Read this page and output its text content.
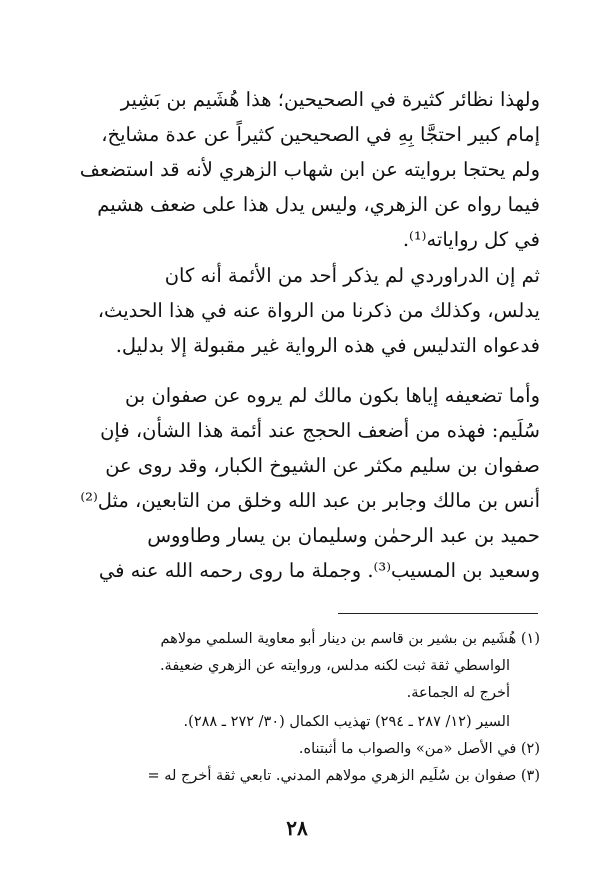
ولهذا نظائر كثيرة في الصحيحين؛ هذا هُشَيم بن بَشِير
إمام كبير احتجَّا بِهِ في الصحيحين كثيراً عن عدة مشايخ،
ولم يحتجا بروايته عن ابن شهاب الزهري لأنه قد استضعف
فيما رواه عن الزهري، وليس يدل هذا على ضعف هشيم
في كل رواياته⁽¹⁾.
ثم إن الدراوردي لم يذكر أحد من الأئمة أنه كان
يدلس، وكذلك من ذكرنا من الرواة عنه في هذا الحديث،
فدعواه التدليس في هذه الرواية غير مقبولة إلا بدليل.
وأما تضعيفه إياها بكون مالك لم يروه عن صفوان بن
سُلَيم: فهذه من أضعف الحجج عند أئمة هذا الشأن، فإن
صفوان بن سليم مكثر عن الشيوخ الكبار، وقد روى عن
أنس بن مالك وجابر بن عبد الله وخلق من التابعين، مثل⁽²⁾
حميد بن عبد الرحمٰن وسليمان بن يسار وطاووس
وسعيد بن المسيب⁽³⁾. وجملة ما روى رحمه الله عنه في
(١) هُشَيم بن بشير بن قاسم بن دينار أبو معاوية السلمي مولاهم
الواسطي ثقة ثبت لكنه مدلس، وروايته عن الزهري ضعيفة.
أخرج له الجماعة.
السير (١٢/ ٢٨٧ ـ ٢٩٤) تهذيب الكمال (٣٠/ ٢٧٢ ـ ٢٨٨).
(٢) في الأصل «من» والصواب ما أثبتناه.
(٣) صفوان بن سُلَيم الزهري مولاهم المدني. تابعي ثقة أخرج له =
٢٨
